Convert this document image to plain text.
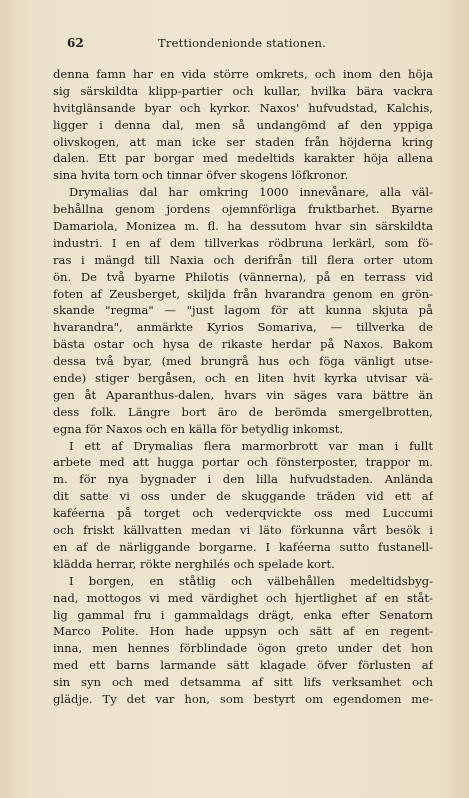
62	Trettiondenionde stationen.
denna famn har en vida större omkrets, och inom den höja
sig särskildta klipp-partier och kullar, hvilka bära vackra
hvitglänsande byar och kyrkor. Naxos' hufvudstad, Kalchis,
ligger i denna dal, men så undangömd af den yppiga
olivskogen, att man icke ser staden från höjderna kring
dalen. Ett par borgar med medeltids karakter höja allena
sina hvita torn och tinnar öfver skogens löfkronor.
Drymalias dal har omkring 1000 innevånare, alla väl-
behållna genom jordens ojemnförliga fruktbarhet. Byarne
Damariola, Monizea m. fl. ha dessutom hvar sin särskildta
industri. I en af dem tillverkas rödbruna lerkärl, som fö-
ras i mängd till Naxia och derifrån till flera orter utom
ön. De två byarne Philotis (vännerna), på en terrass vid
foten af Zeusberget, skiljda från hvarandra genom en grön-
skande "regma" — "just lagom för att kunna skjuta på
hvarandra", anmärkte Kyrios Somariva, — tillverka de
bästa ostar och hysa de rikaste herdar på Naxos. Bakom
dessa två byar, (med brungrå hus och föga vänligt utse-
ende) stiger bergåsen, och en liten hvit kyrka utvisar vä-
gen åt Aparanthus-dalen, hvars vin säges vara bättre än
dess folk. Längre bort äro de berömda smergelbrotten,
egna för Naxos och en källa för betydlig inkomst.
I ett af Drymalias flera marmorbrott var man i fullt
arbete med att hugga portar och fönsterposter, trappor m.
m. för nya bygnader i den lilla hufvudstaden. Anlända
dit satte vi oss under de skuggande träden vid ett af
kaféerna på torget och vederqvickte oss med Luccumi
och friskt källvatten medan vi läto förkunna vårt besök i
en af de närliggande borgarne. I kaféerna sutto fustanell-
klädda herrar, rökte nerghilés och spelade kort.
I borgen, en ståtlig och välbehållen medeltidsbyg-
nad, mottogos vi med värdighet och hjertlighet af en ståt-
lig gammal fru i gammaldags drägt, enka efter Senatorn
Marco Polite. Hon hade uppsyn och sätt af en regent-
inna, men hennes förblindade ögon greto under det hon
med ett barns larmande sätt klagade öfver förlusten af
sin syn och med detsamma af sitt lifs verksamhet och
glädje. Ty det var hon, som bestyrt om egendomen me-
